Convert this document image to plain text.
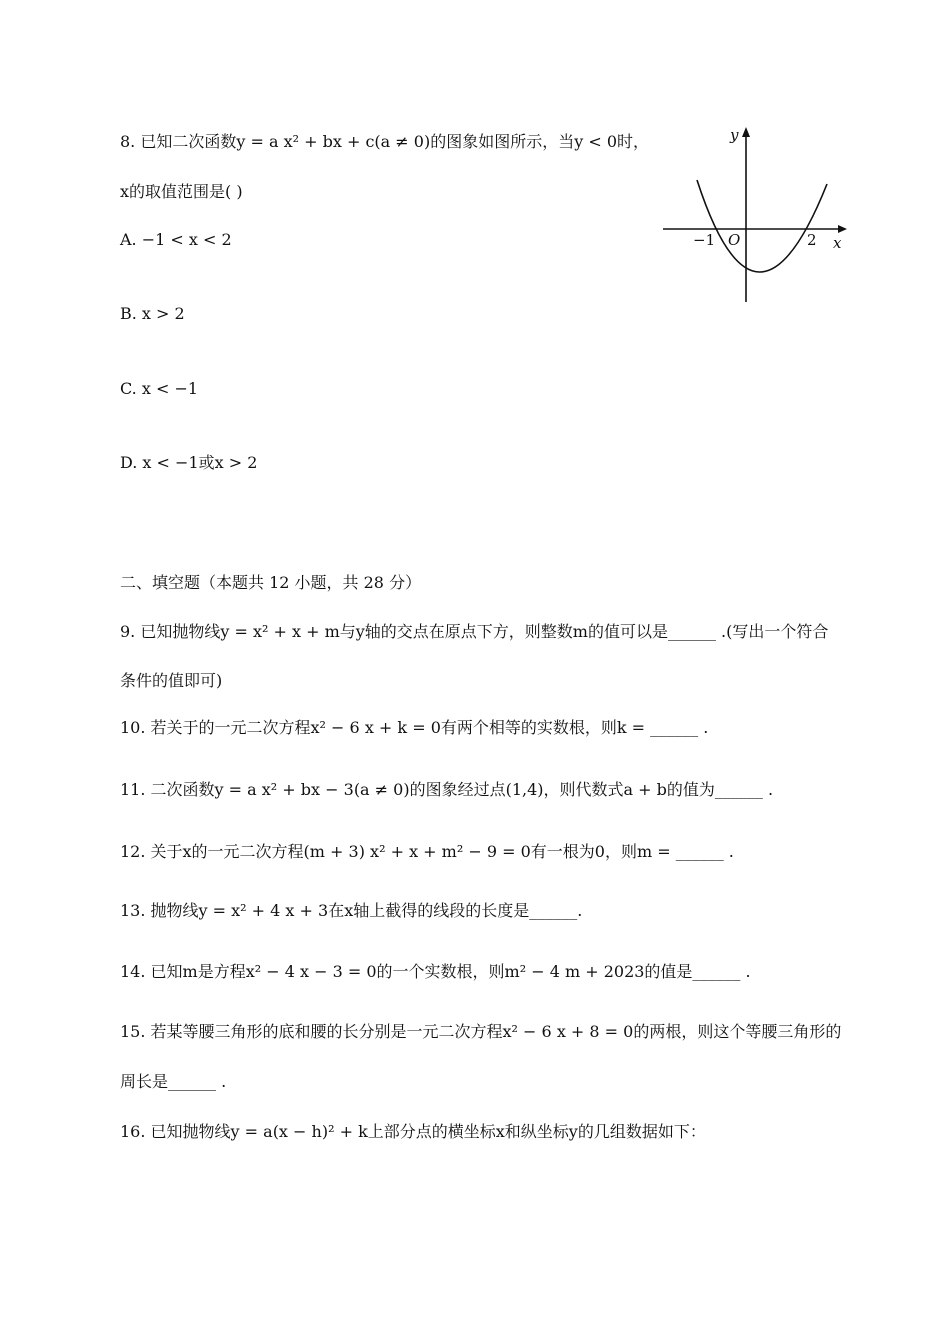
8. 已知二次函数y = a x² + bx + c(a ≠ 0)的图象如图所示，当y < 0时，
x的取值范围是( )
A. −1 < x < 2
B. x > 2
C. x < −1
D. x < −1或x > 2
y
x
O
−1	2
二、填空题（本题共 12 小题，共 28 分）
9. 已知抛物线y = x² + x + m与y轴的交点在原点下方，则整数m的值可以是______ .(写出一个符合
条件的值即可)
10. 若关于的一元二次方程x² − 6 x + k = 0有两个相等的实数根，则k = ______ .
11. 二次函数y = a x² + bx − 3(a ≠ 0)的图象经过点(1,4)，则代数式a + b的值为______ .
12. 关于x的一元二次方程(m + 3) x² + x + m² − 9 = 0有一根为0，则m = ______ .
13. 抛物线y = x² + 4 x + 3在x轴上截得的线段的长度是______.
14. 已知m是方程x² − 4 x − 3 = 0的一个实数根，则m² − 4 m + 2023的值是______ .
15. 若某等腰三角形的底和腰的长分别是一元二次方程x² − 6 x + 8 = 0的两根，则这个等腰三角形的
周长是______ .
16. 已知抛物线y = a(x − h)² + k上部分点的横坐标x和纵坐标y的几组数据如下：
